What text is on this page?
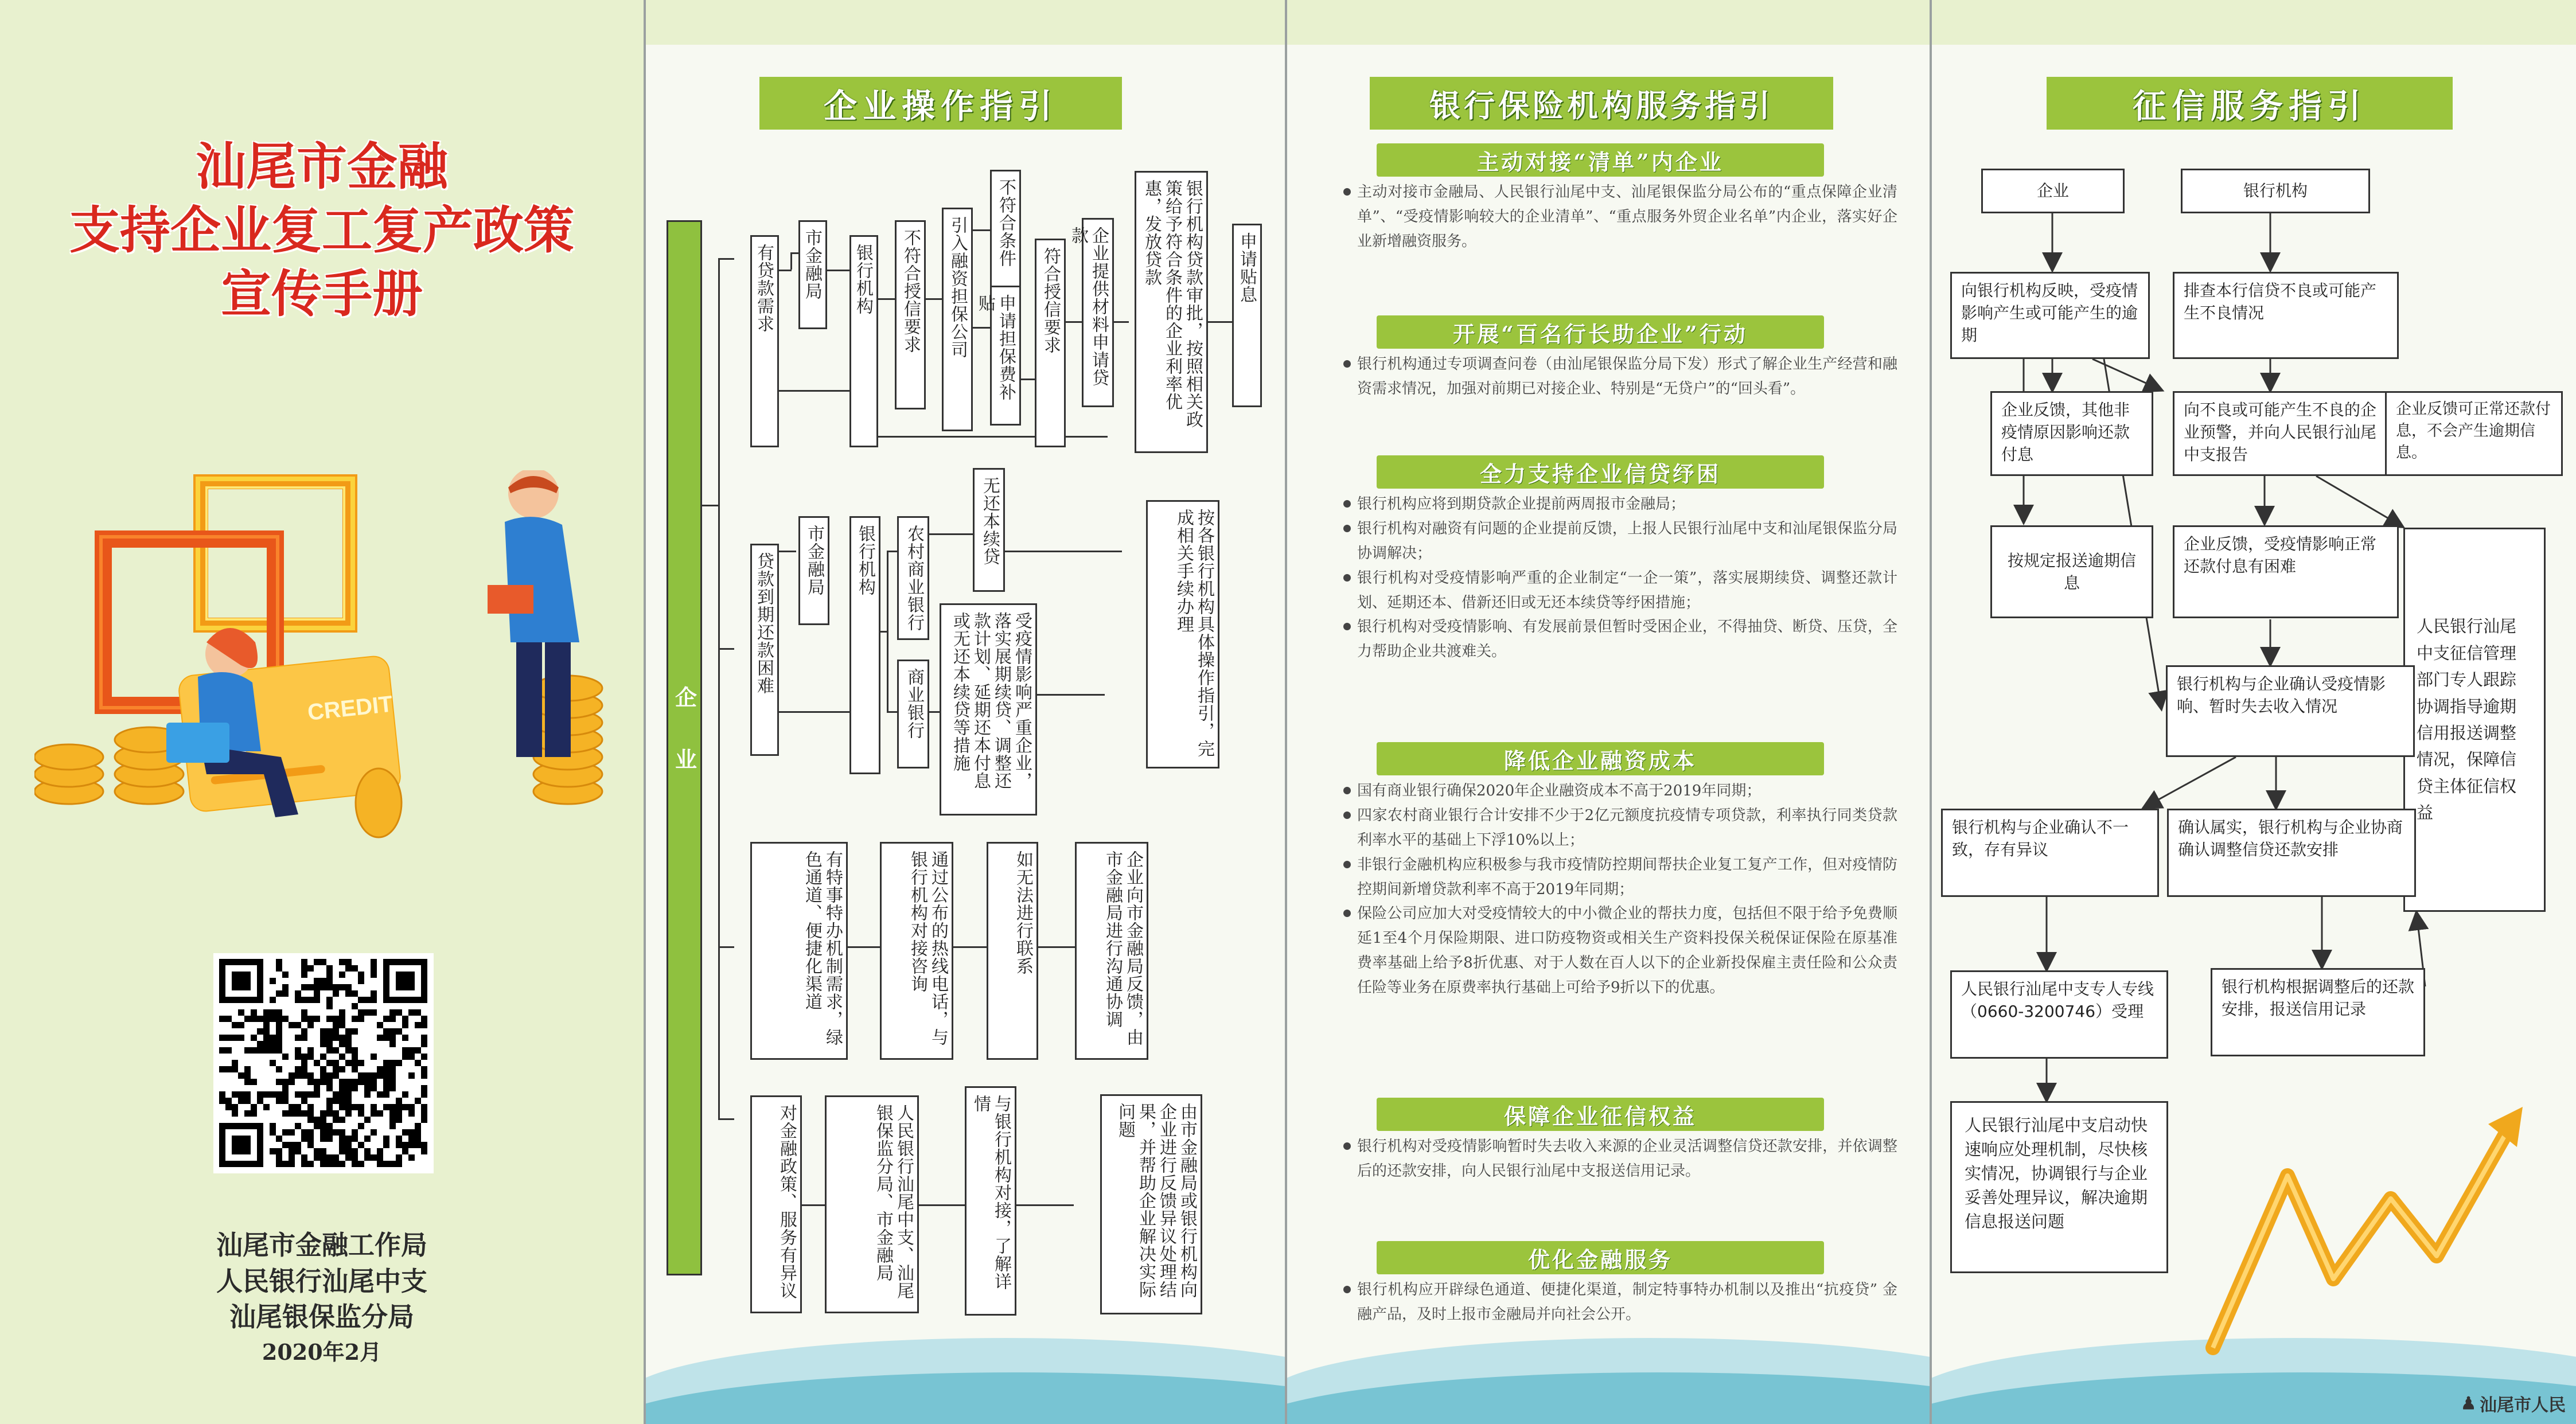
汕尾市金融
支持企业复工复产政策
宣传手册
CREDIT
汕尾市金融工作局
人民银行汕尾中支
汕尾银保监分局
2020年2月
企业操作指引
企业
有贷款需求	市金融局	银行机构	不符合授信要求	引入融资担保公司	不符合条件
申请担保费补贴	符合授信要求	企业提供材料申请贷款	银行机构贷款审批，按照相关政策给予符合条件的企业利率优惠，发放贷款	申请贴息
贷款到期还款困难	市金融局	银行机构	农村商业银行
商业银行
无还本续贷
受疫情影响严重企业，落实展期续贷、调整还款计划、延期还本付息或无还本续贷等措施	按各银行机构具体操作指引，完成相关手续办理
有特事特办机制需求，绿色通道、便捷化渠道	通过公布的热线电话，与银行机构对接咨询	如无法进行联系	企业向市金融局反馈，由市金融局进行沟通协调
对金融政策、服务有异议	人民银行汕尾中支、汕尾银保监分局、市金融局	与银行机构对接，了解详情	由市金融局或银行机构向企业进行反馈异议处理结果，并帮助企业解决实际问题
银行保险机构服务指引
主动对接“清单”内企业

主动对接市金融局、人民银行汕尾中支、汕尾银保监分局公布的“重点保障企业清单”、“受疫情影响较大的企业清单”、“重点服务外贸企业名单”内企业，落实好企业新增融资服务。

开展“百名行长助企业”行动

银行机构通过专项调查问卷（由汕尾银保监分局下发）形式了解企业生产经营和融资需求情况，加强对前期已对接企业、特别是“无贷户”的“回头看”。

全力支持企业信贷纾困

银行机构应将到期贷款企业提前两周报市金融局；

银行机构对融资有问题的企业提前反馈，上报人民银行汕尾中支和汕尾银保监分局协调解决；

银行机构对受疫情影响严重的企业制定“一企一策”，落实展期续贷、调整还款计划、延期还本、借新还旧或无还本续贷等纾困措施；

银行机构对受疫情影响、有发展前景但暂时受困企业，不得抽贷、断贷、压贷，全力帮助企业共渡难关。

降低企业融资成本

国有商业银行确保2020年企业融资成本不高于2019年同期；

四家农村商业银行合计安排不少于2亿元额度抗疫情专项贷款，利率执行同类贷款利率水平的基础上下浮10%以上；

非银行金融机构应积极参与我市疫情防控期间帮扶企业复工复产工作，但对疫情防控期间新增贷款利率不高于2019年同期；

保险公司应加大对受疫情较大的中小微企业的帮扶力度，包括但不限于给予免费顺延1至4个月保险期限、进口防疫物资或相关生产资料投保关税保证保险在原基准费率基础上给予8折优惠、对于人数在百人以下的企业新投保雇主责任险和公众责任险等业务在原费率执行基础上可给予9折以下的优惠。

保障企业征信权益

银行机构对受疫情影响暂时失去收入来源的企业灵活调整信贷还款安排，并依调整后的还款安排，向人民银行汕尾中支报送信用记录。

优化金融服务

银行机构应开辟绿色通道、便捷化渠道，制定特事特办机制以及推出“抗疫贷” 金融产品，及时上报市金融局并向社会公开。

征信服务指引
企业	银行机构
向银行机构反映，受疫情影响产生或可能产生的逾期
排查本行信贷不良或可能产生不良情况
企业反馈，其他非疫情原因影响还款付息
向不良或可能产生不良的企业预警，并向人民银行汕尾中支报告
企业反馈可正常还款付息，不会产生逾期信息。
按规定报送逾期信息
企业反馈，受疫情影响正常还款付息有困难
人民银行汕尾中支征信管理部门专人跟踪协调指导逾期信用报送调整情况，保障信贷主体征信权益
银行机构与企业确认受疫情影响、暂时失去收入情况
银行机构与企业确认不一致，存有异议
确认属实，银行机构与企业协商确认调整信贷还款安排
人民银行汕尾中支专人专线（0660-3200746）受理
银行机构根据调整后的还款安排，报送信用记录
人民银行汕尾中支启动快速响应处理机制，尽快核实情况，协调银行与企业妥善处理异议，解决逾期信息报送问题
♟ 汕尾市人民
